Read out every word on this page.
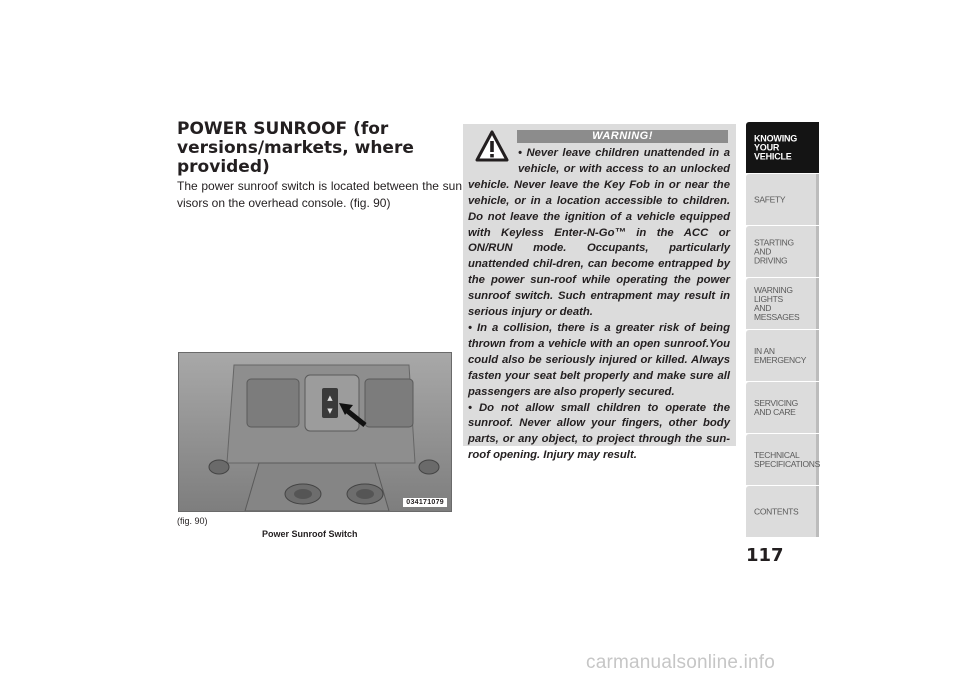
POWER SUNROOF (for versions/markets, where provided)

The power sunroof switch is located between the sun visors on the overhead console. (fig. 90)

▲
▼
034171079

(fig. 90)

Power Sunroof Switch

WARNING!

• Never leave children unattended in a vehicle, or with access to an unlocked vehicle. Never leave the Key Fob in or near the vehicle, or in a location accessible to children. Do not leave the ignition of a vehicle equipped with Keyless Enter-N-Go™ in the ACC or ON/RUN mode. Occupants, particularly unattended chil-dren, can become entrapped by the power sun-roof while operating the power sunroof switch. Such entrapment may result in serious injury or death.

• In a collision, there is a greater risk of being thrown from a vehicle with an open sunroof.You could also be seriously injured or killed. Always fasten your seat belt properly and make sure all passengers are also properly secured.

• Do not allow small children to operate the sunroof. Never allow your fingers, other body parts, or any object, to project through the sun-roof opening. Injury may result.

KNOWING
YOUR
VEHICLE
SAFETY
STARTING
AND
DRIVING
WARNING
LIGHTS
AND
MESSAGES
IN AN
EMERGENCY
SERVICING
AND CARE
TECHNICAL
SPECIFICATIONS
CONTENTS

117

carmanualsonline.info
